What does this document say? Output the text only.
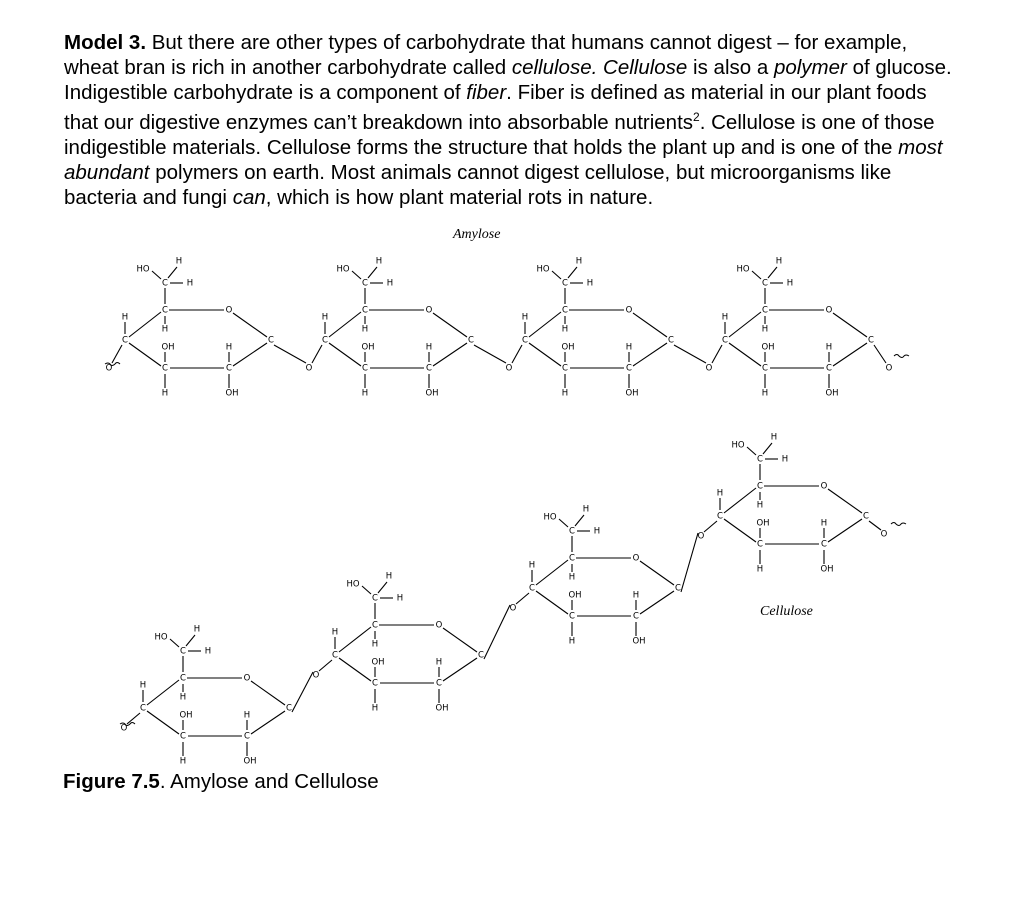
Model 3. But there are other types of carbohydrate that humans cannot digest – for example, wheat bran is rich in another carbohydrate called cellulose. Cellulose is also a polymer of glucose. Indigestible carbohydrate is a component of fiber. Fiber is defined as material in our plant foods that our digestive enzymes can’t breakdown into absorbable nutrients$^2$. Cellulose is one of those indigestible materials. Cellulose forms the structure that holds the plant up and is one of the most abundant polymers on earth. Most animals cannot digest cellulose, but microorganisms like bacteria and fungi can, which is how plant material rots in nature.

Amylose
Cellulose
C
C	O
C
C
C
H
C H
H
HO
H
OH
H
H
OH
O
C
C	O
C
C
C
H
C H
H
HO
H
OH
H
H
OH
O
C
C	O
C
C
C
H
C H
H
HO
H
OH
H
H
OH
O
C
C	O
C
C
C
H
C H
H
HO
H
OH
H
H
OH
O	O
C
C	O
C
C
C
H
C H
H
HO
H
OH
H
H
OH
O
C
C	O
C
C
C
H
C H
H
HO
H
OH
H
H
OH
O
C
C	O
C
C
C
H
C H
H
HO
H
OH
H
H
OH
O
C
C	O
C
C
C
H
C H
H
HO
H
OH
H
H
OH
O	O

Figure 7.5. Amylose and Cellulose
